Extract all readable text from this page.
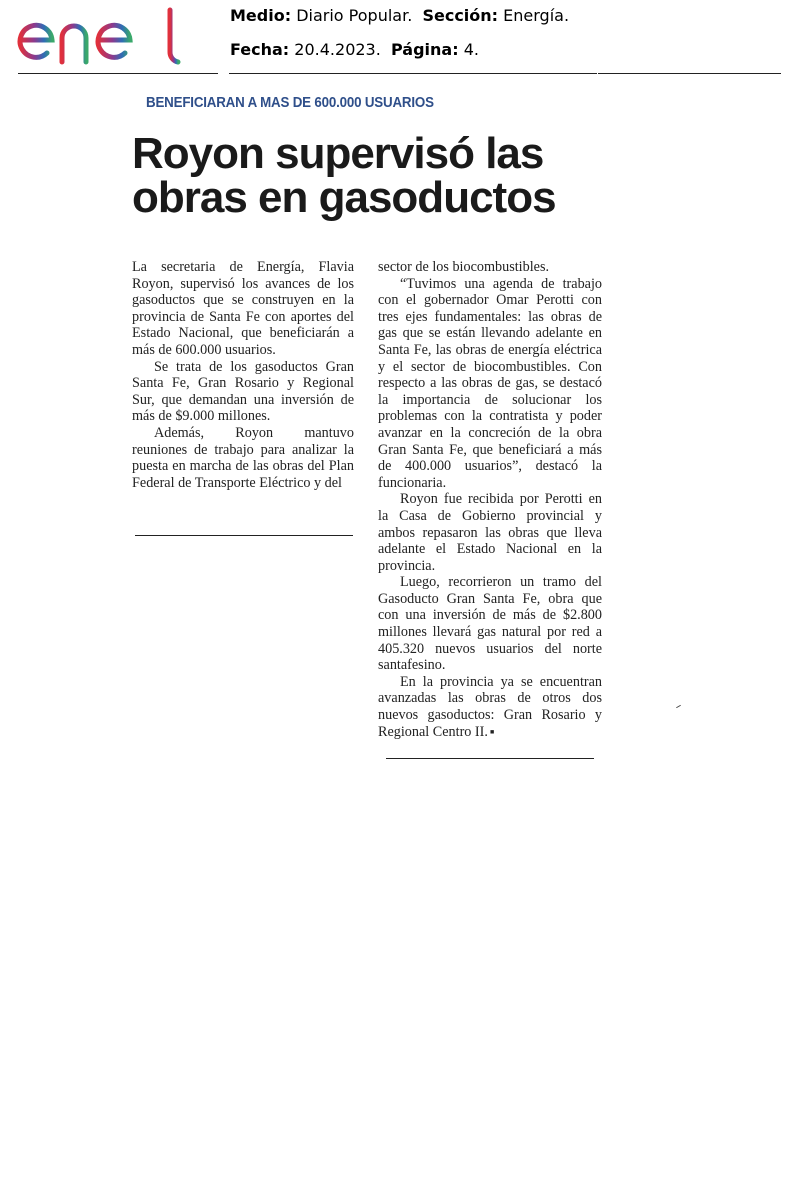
Medio: Diario Popular. Sección: Energía.
Fecha: 20.4.2023. Página: 4.
BENEFICIARAN A MAS DE 600.000 USUARIOS
Royon supervisó las obras en gasoductos

La secretaria de Energía, Flavia Royon, supervisó los avances de los gasoductos que se construyen en la provincia de Santa Fe con aportes del Estado Nacional, que beneficiarán a más de 600.000 usuarios.

Se trata de los gasoductos Gran Santa Fe, Gran Rosario y Regional Sur, que demandan una inversión de más de $9.000 millones.

Además, Royon mantuvo reuniones de trabajo para analizar la puesta en marcha de las obras del Plan Federal de Transporte Eléctrico y del

sector de los biocombustibles.

“Tuvimos una agenda de trabajo con el gobernador Omar Perotti con tres ejes fundamentales: las obras de gas que se están llevando adelante en Santa Fe, las obras de energía eléctrica y el sector de biocombustibles. Con respecto a las obras de gas, se destacó la importancia de solucionar los problemas con la contratista y poder avanzar en la concreción de la obra Gran Santa Fe, que beneficiará a más de 400.000 usuarios”, destacó la funcionaria.

Royon fue recibida por Perotti en la Casa de Gobierno provincial y ambos repasaron las obras que lleva adelante el Estado Nacional en la provincia.

Luego, recorrieron un tramo del Gasoducto Gran Santa Fe, obra que con una inversión de más de $2.800 millones llevará gas natural por red a 405.320 nuevos usuarios del norte santafesino.

En la provincia ya se encuentran avanzadas las obras de otros dos nuevos gasoductos: Gran Rosario y Regional Centro II. ■
